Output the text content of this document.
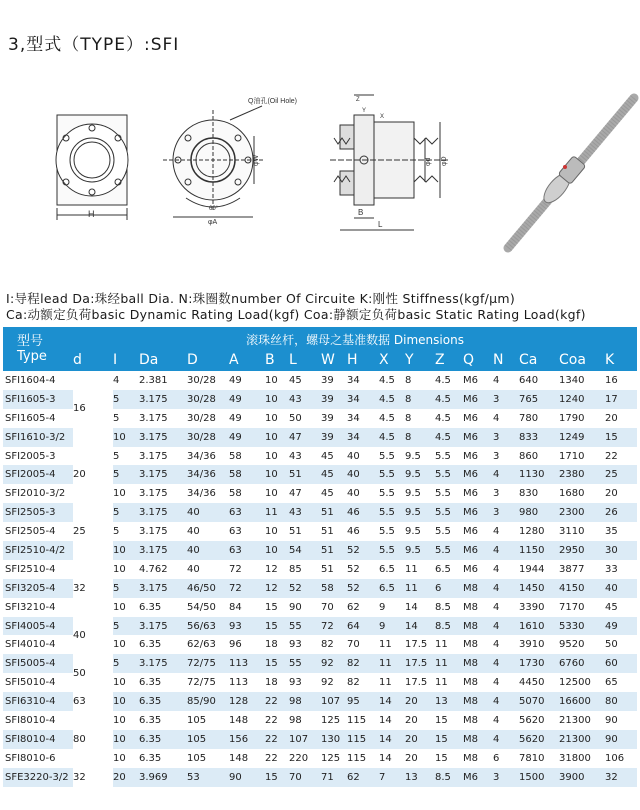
3,型式（TYPE）:SFI
H
Q油孔(Oil Hole)
φW
60°
φA
Z
Y
X
φd φD
B
L
I:导程lead Da:珠经ball Dia. N:珠圈数number Of Circuite K:刚性 Stiffness(kgf/μm)
Ca:动额定负荷basic Dynamic Rating Load(kgf) Coa:静额定负荷basic Static Rating Load(kgf)
型号
Type	滚珠丝杆，螺母之基准数据 Dimensions																
	d	I	Da	D	A	B	L	W	H	X	Y	Z	Q	N	Ca	Coa	K
SFI1604-4	16	4	2.381	30/28	49	10	45	39	34	4.5	8	4.5	M6	4	640	1340	16
SFI1605-3		5	3.175	30/28	49	10	43	39	34	4.5	8	4.5	M6	3	765	1240	17
SFI1605-4		5	3.175	30/28	49	10	50	39	34	4.5	8	4.5	M6	4	780	1790	20
SFI1610-3/2		10	3.175	30/28	49	10	47	39	34	4.5	8	4.5	M6	3	833	1249	15
SFI2005-3	20	5	3.175	34/36	58	10	43	45	40	5.5	9.5	5.5	M6	3	860	1710	22
SFI2005-4		5	3.175	34/36	58	10	51	45	40	5.5	9.5	5.5	M6	4	1130	2380	25
SFI2010-3/2		10	3.175	34/36	58	10	47	45	40	5.5	9.5	5.5	M6	3	830	1680	20
SFI2505-3	25	5	3.175	40	63	11	43	51	46	5.5	9.5	5.5	M6	3	980	2300	26
SFI2505-4		5	3.175	40	63	10	51	51	46	5.5	9.5	5.5	M6	4	1280	3110	35
SFI2510-4/2		10	3.175	40	63	10	54	51	52	5.5	9.5	5.5	M6	4	1150	2950	30
SFI2510-4	32	10	4.762	40	72	12	85	51	52	6.5	11	6.5	M6	4	1944	3877	33
SFI3205-4		5	3.175	46/50	72	12	52	58	52	6.5	11	6	M8	4	1450	4150	40
SFI3210-4		10	6.35	54/50	84	15	90	70	62	9	14	8.5	M8	4	3390	7170	45
SFI4005-4	40	5	3.175	56/63	93	15	55	72	64	9	14	8.5	M8	4	1610	5330	49
SFI4010-4		10	6.35	62/63	96	18	93	82	70	11	17.5	11	M8	4	3910	9520	50
SFI5005-4	50	5	3.175	72/75	113	15	55	92	82	11	17.5	11	M8	4	1730	6760	60
SFI5010-4		10	6.35	72/75	113	18	93	92	82	11	17.5	11	M8	4	4450	12500	65
SFI6310-4	63	10	6.35	85/90	128	22	98	107	95	14	20	13	M8	4	5070	16600	80
SFI8010-4	80	10	6.35	105	148	22	98	125	115	14	20	15	M8	4	5620	21300	90
SFI8010-4		10	6.35	105	156	22	107	130	115	14	20	15	M8	4	5620	21300	90
SFI8010-6		10	6.35	105	148	22	220	125	115	14	20	15	M8	6	7810	31800	106
SFE3220-3/2	32	20	3.969	53	90	15	70	71	62	7	13	8.5	M6	3	1500	3900	32
